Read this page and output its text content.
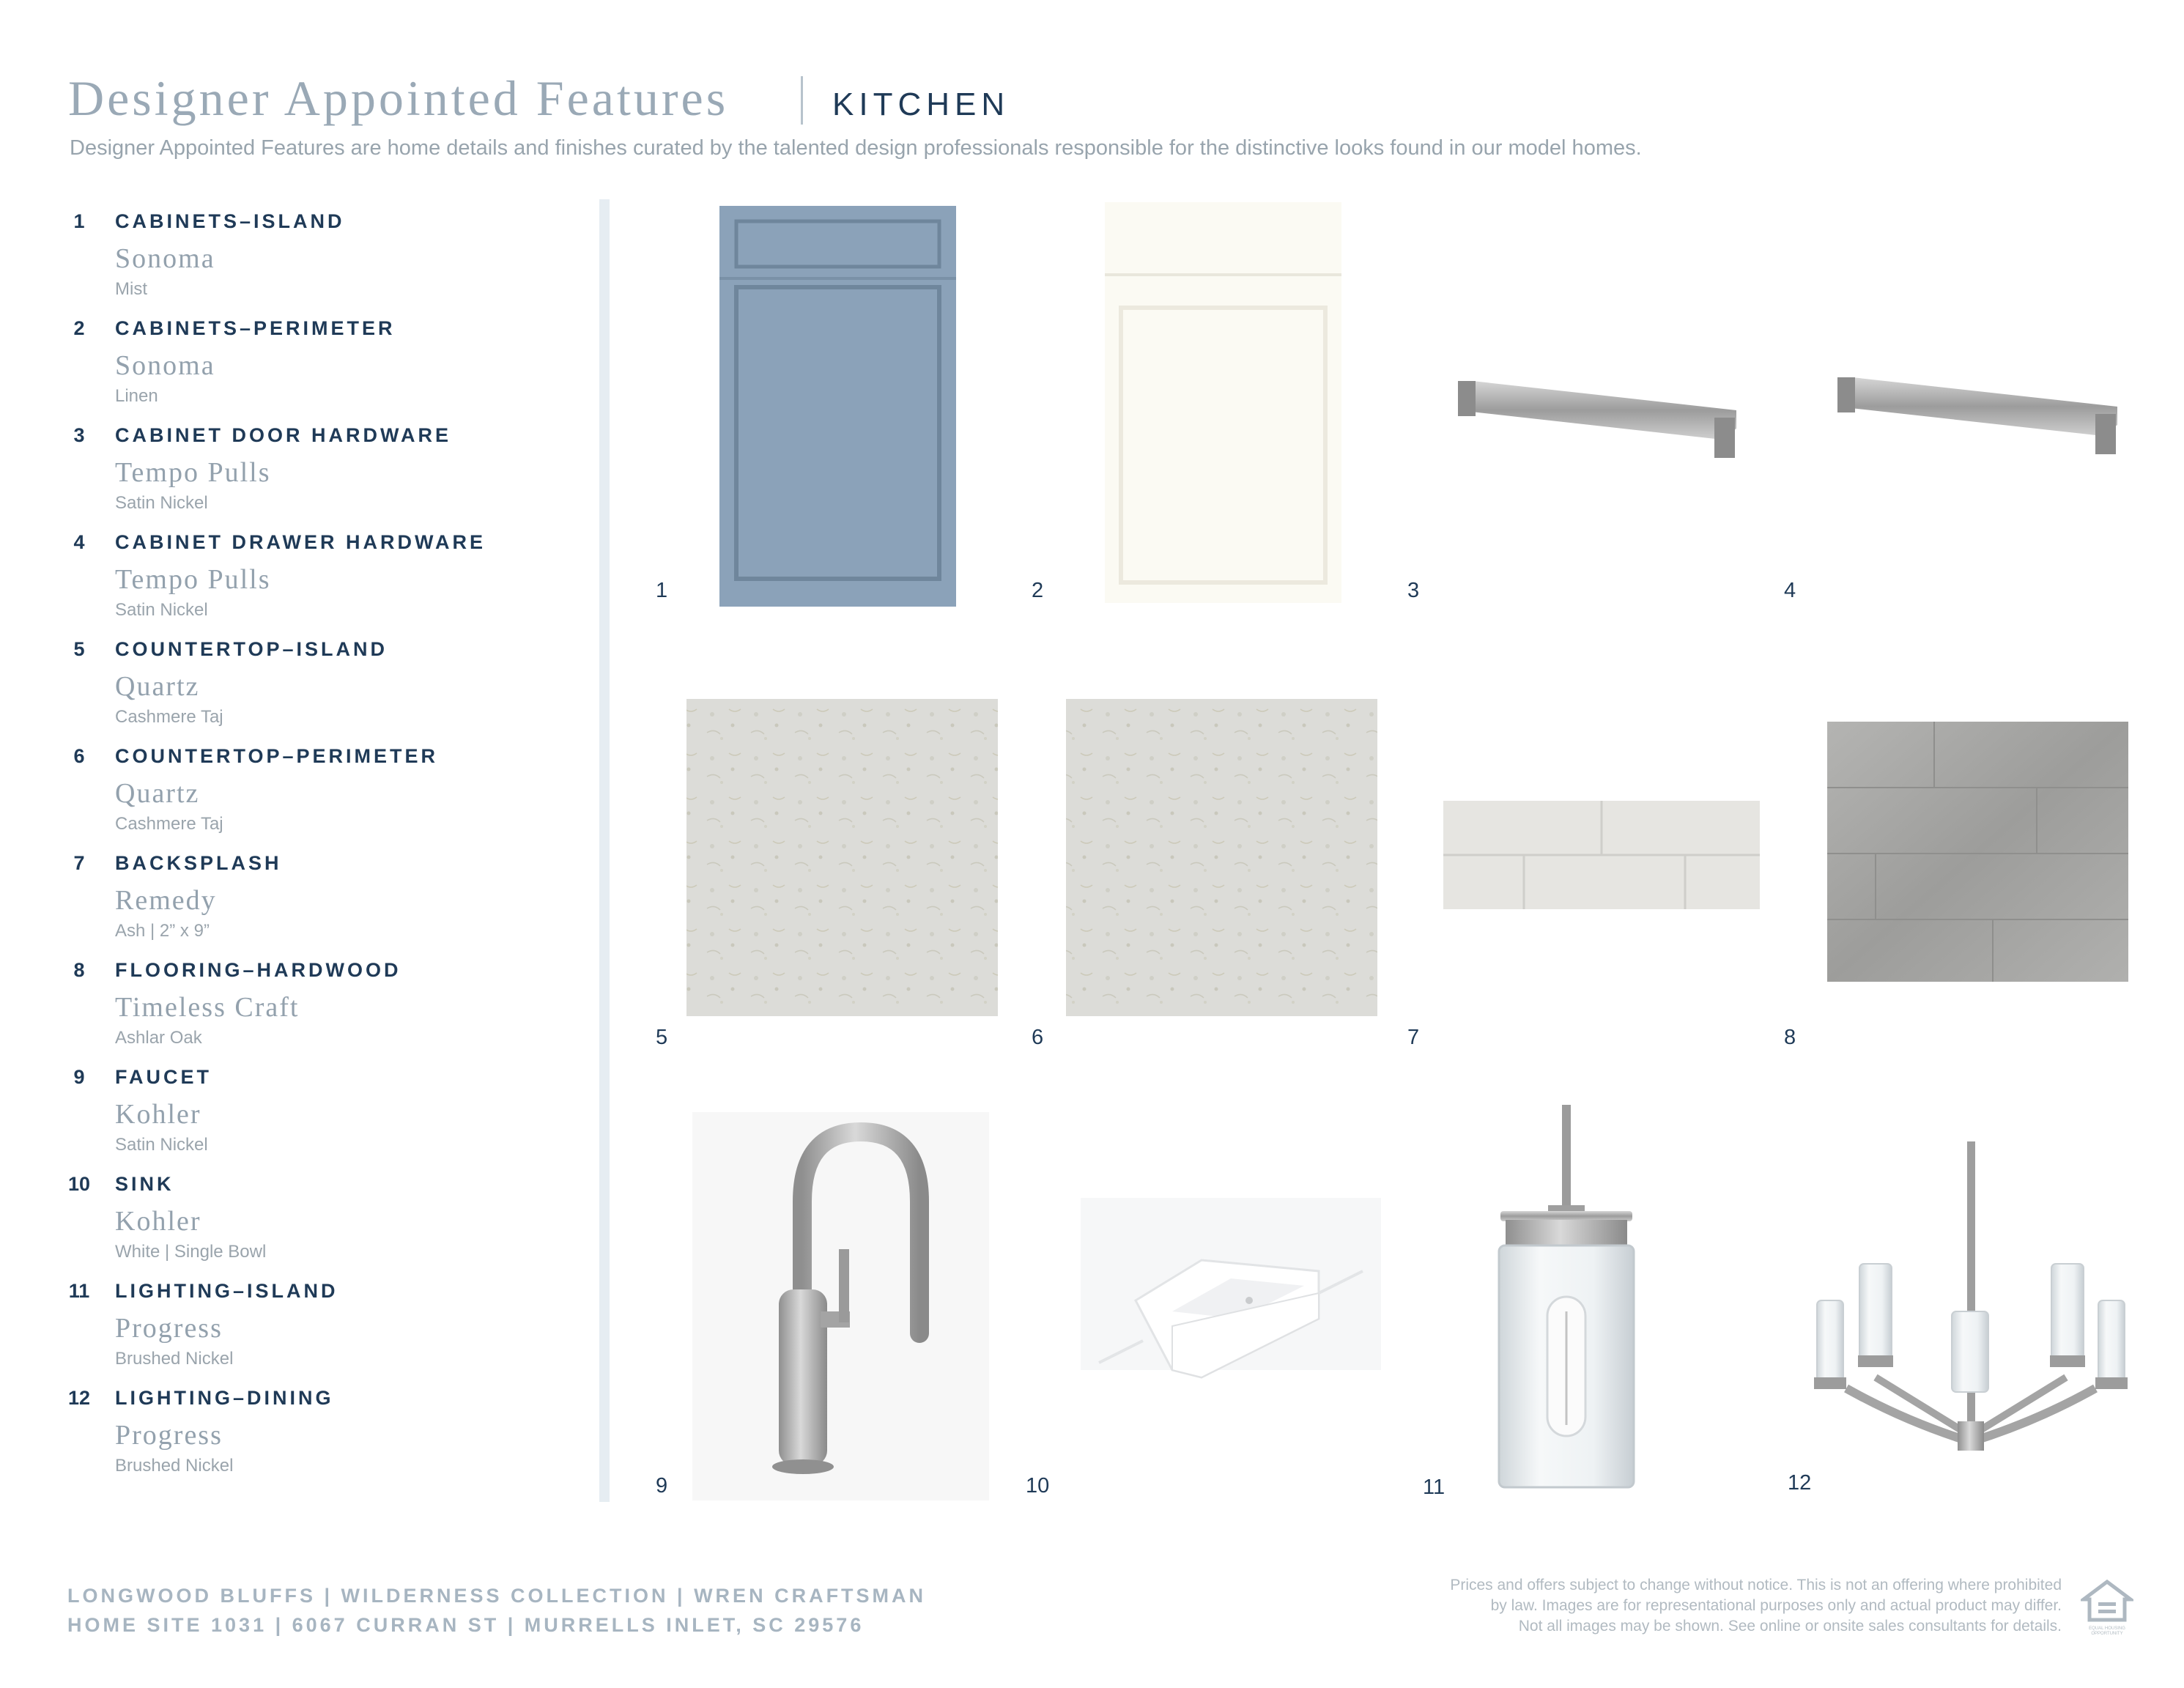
Designer Appointed Features	KITCHEN
Designer Appointed Features are home details and finishes curated by the talented design professionals responsible for the distinctive looks found in our model homes.
1	CABINETS–ISLAND
Sonoma
Mist
2	CABINETS–PERIMETER
Sonoma
Linen
3	CABINET DOOR HARDWARE
Tempo Pulls
Satin Nickel
4	CABINET DRAWER HARDWARE
Tempo Pulls
Satin Nickel
5	COUNTERTOP–ISLAND
Quartz
Cashmere Taj
6	COUNTERTOP–PERIMETER
Quartz
Cashmere Taj
7	BACKSPLASH
Remedy
Ash | 2” x 9”
8	FLOORING–HARDWOOD
Timeless Craft
Ashlar Oak
9	FAUCET
Kohler
Satin Nickel
10 SINK
Kohler
White | Single Bowl
11 LIGHTING–ISLAND
Progress
Brushed Nickel
12 LIGHTING–DINING
Progress
Brushed Nickel
1	2	3	4
5	6	7	8
9	10	11	12
LONGWOOD BLUFFS | WILDERNESS COLLECTION | WREN CRAFTSMAN
HOME SITE 1031 | 6067 CURRAN ST | MURRELLS INLET, SC 29576
Prices and offers subject to change without notice. This is not an offering where prohibited
by law. Images are for representational purposes only and actual product may differ.
Not all images may be shown. See online or onsite sales consultants for details.	EQUAL HOUSING OPPORTUNITY
